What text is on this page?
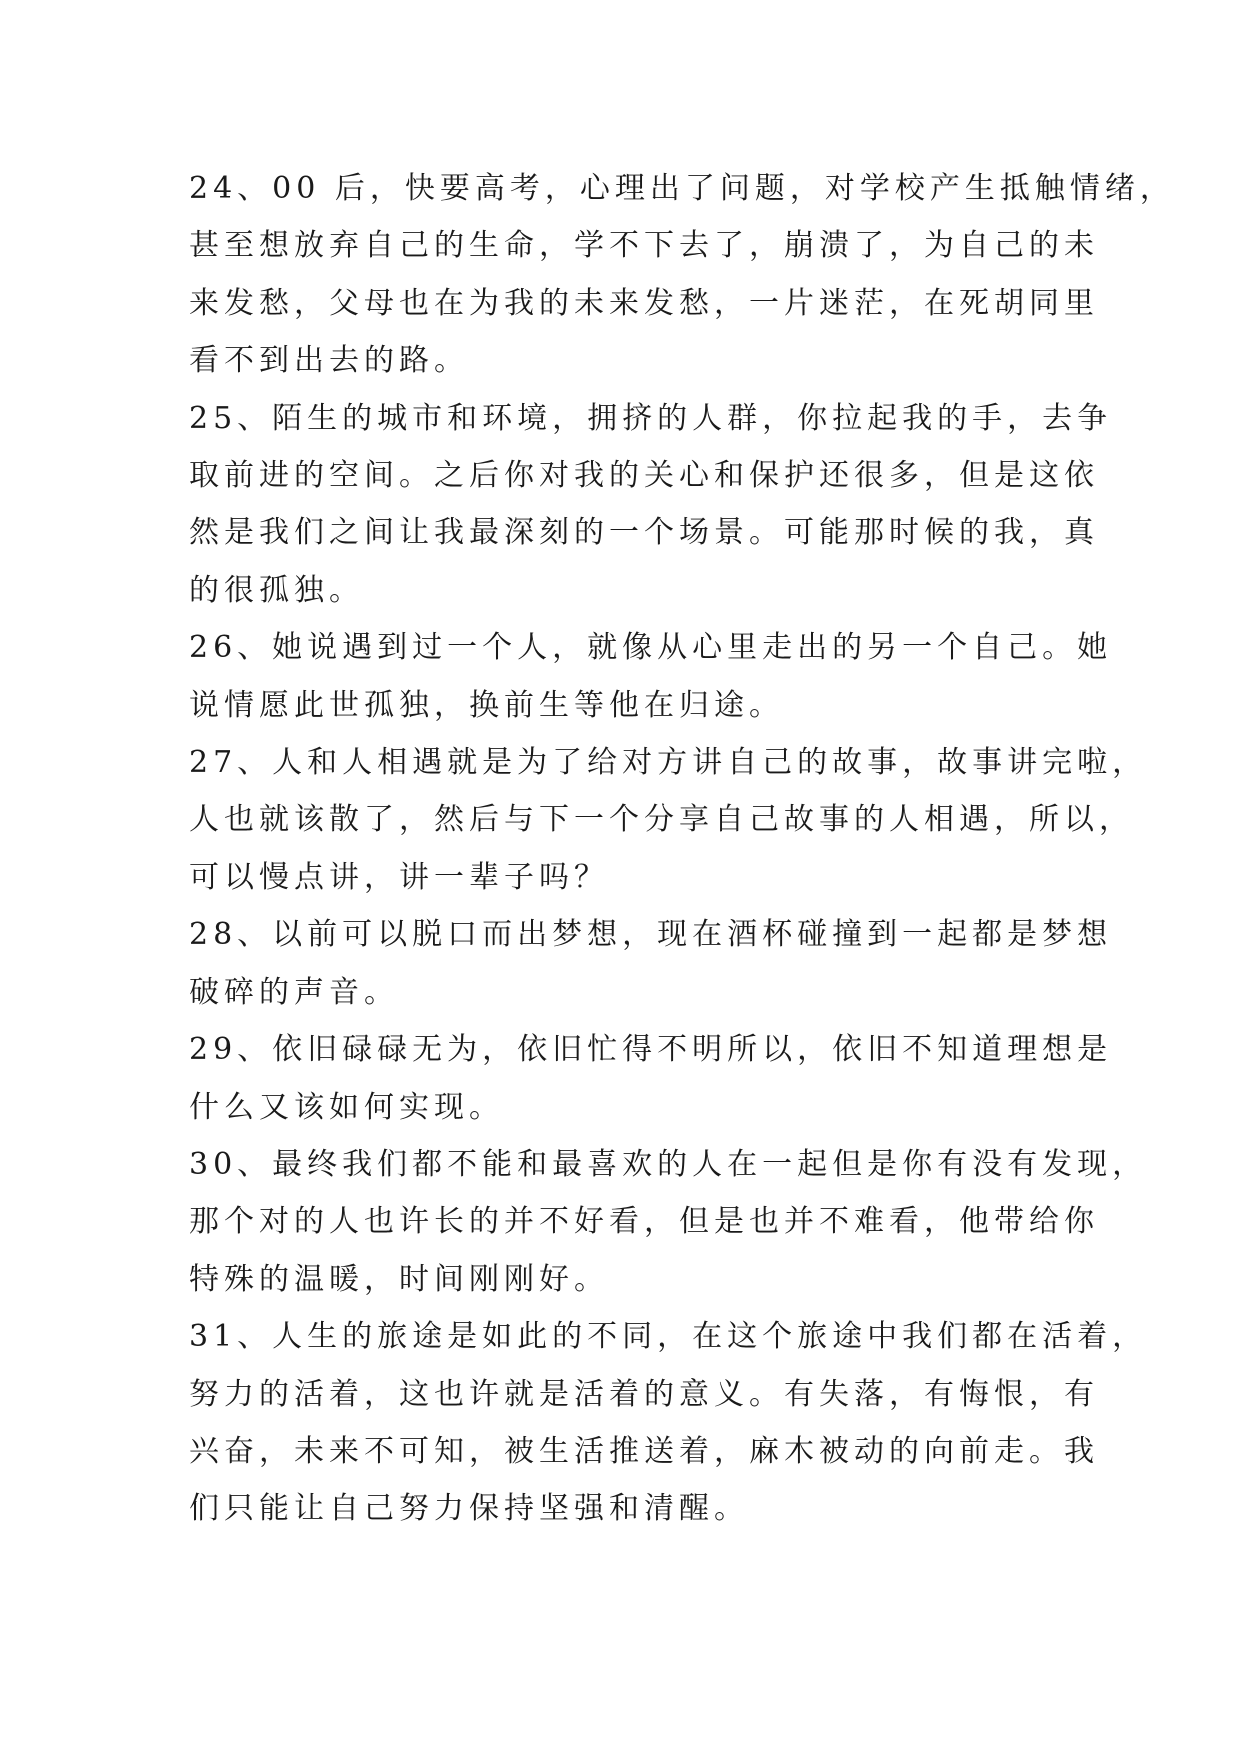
24、00 后，快要高考，心理出了问题，对学校产生抵触情绪，
甚至想放弃自己的生命，学不下去了，崩溃了，为自己的未
来发愁，父母也在为我的未来发愁，一片迷茫，在死胡同里
看不到出去的路。

25、陌生的城市和环境，拥挤的人群，你拉起我的手，去争
取前进的空间。之后你对我的关心和保护还很多，但是这依
然是我们之间让我最深刻的一个场景。可能那时候的我，真
的很孤独。

26、她说遇到过一个人，就像从心里走出的另一个自己。她
说情愿此世孤独，换前生等他在归途。

27、人和人相遇就是为了给对方讲自己的故事，故事讲完啦，
人也就该散了，然后与下一个分享自己故事的人相遇，所以，
可以慢点讲，讲一辈子吗？

28、以前可以脱口而出梦想，现在酒杯碰撞到一起都是梦想
破碎的声音。

29、依旧碌碌无为，依旧忙得不明所以，依旧不知道理想是
什么又该如何实现。

30、最终我们都不能和最喜欢的人在一起但是你有没有发现，
那个对的人也许长的并不好看，但是也并不难看，他带给你
特殊的温暖，时间刚刚好。

31、人生的旅途是如此的不同，在这个旅途中我们都在活着，
努力的活着，这也许就是活着的意义。有失落，有悔恨，有
兴奋，未来不可知，被生活推送着，麻木被动的向前走。我
们只能让自己努力保持坚强和清醒。
